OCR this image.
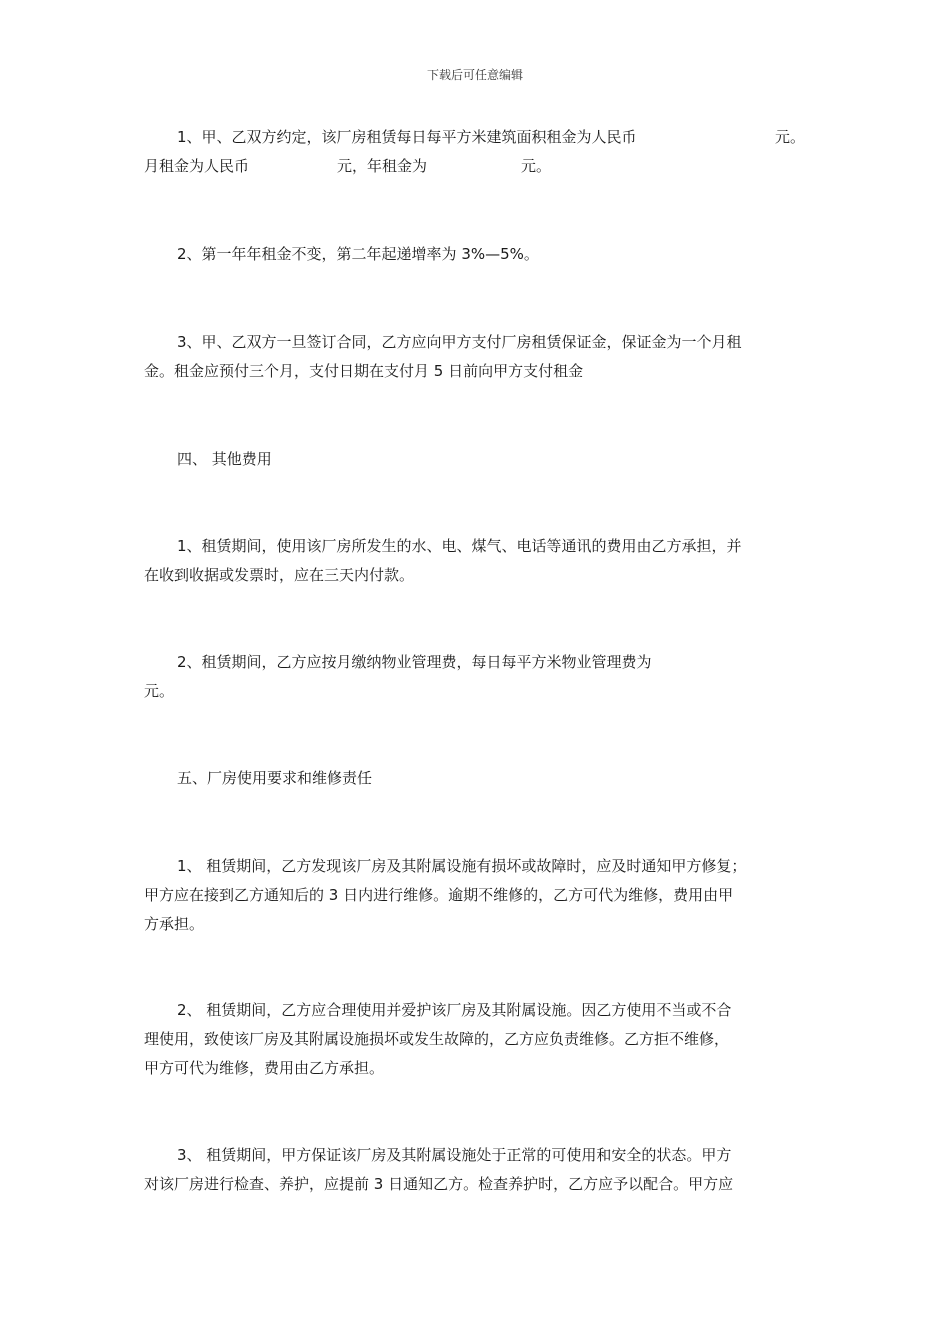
下载后可任意编辑
1、甲、乙双方约定，该厂房租赁每日每平方米建筑面积租金为人民币	元。
月租金为人民币	元，年租金为	元。
2、第一年年租金不变，第二年起递增率为 3%—5%。
3、甲、乙双方一旦签订合同，乙方应向甲方支付厂房租赁保证金，保证金为一个月租
金。租金应预付三个月，支付日期在支付月 5 日前向甲方支付租金
四、 其他费用
1、租赁期间，使用该厂房所发生的水、电、煤气、电话等通讯的费用由乙方承担，并
在收到收据或发票时，应在三天内付款。
2、租赁期间，乙方应按月缴纳物业管理费，每日每平方米物业管理费为
元。
五、厂房使用要求和维修责任
1、 租赁期间，乙方发现该厂房及其附属设施有损坏或故障时，应及时通知甲方修复；
甲方应在接到乙方通知后的 3 日内进行维修。逾期不维修的，乙方可代为维修，费用由甲
方承担。
2、 租赁期间，乙方应合理使用并爱护该厂房及其附属设施。因乙方使用不当或不合
理使用，致使该厂房及其附属设施损坏或发生故障的，乙方应负责维修。乙方拒不维修，
甲方可代为维修，费用由乙方承担。
3、 租赁期间，甲方保证该厂房及其附属设施处于正常的可使用和安全的状态。甲方
对该厂房进行检查、养护，应提前 3 日通知乙方。检查养护时，乙方应予以配合。甲方应
